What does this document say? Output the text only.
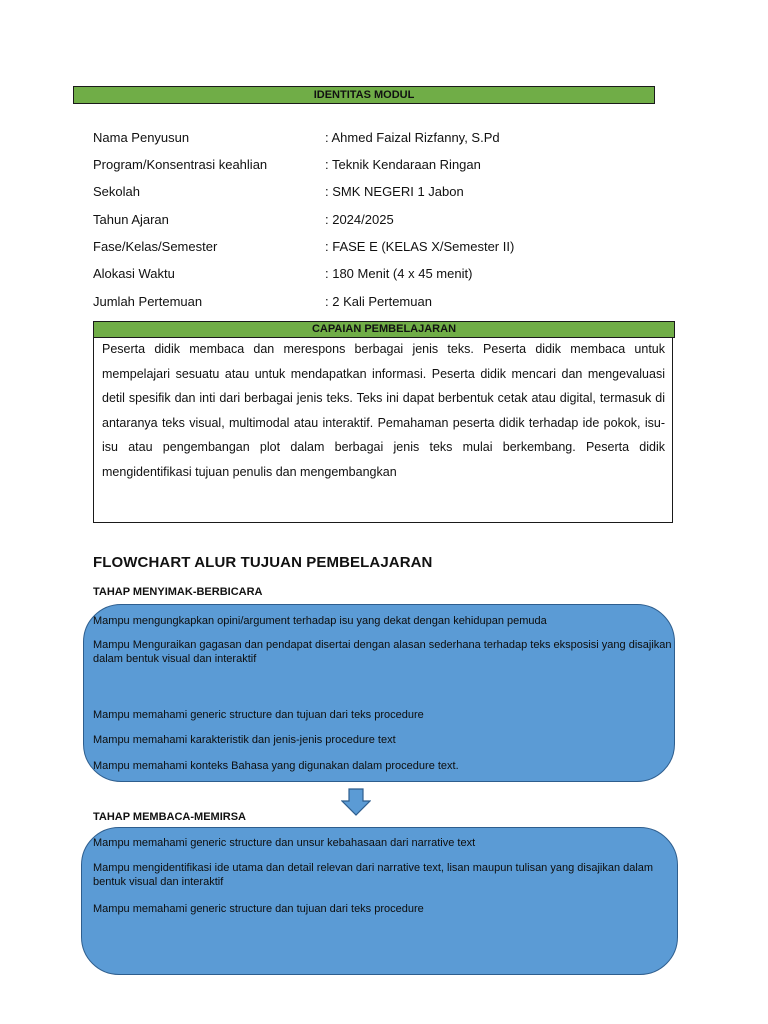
IDENTITAS MODUL
Nama Penyusun	: Ahmed Faizal Rizfanny, S.Pd
Program/Konsentrasi keahlian	: Teknik Kendaraan Ringan
Sekolah	: SMK NEGERI 1 Jabon
Tahun Ajaran	: 2024/2025
Fase/Kelas/Semester	: FASE E (KELAS X/Semester II)
Alokasi Waktu	: 180 Menit (4 x 45 menit)
Jumlah Pertemuan	: 2 Kali Pertemuan
CAPAIAN PEMBELAJARAN

Peserta didik membaca dan merespons berbagai jenis teks. Peserta didik membaca untuk mempelajari sesuatu atau untuk mendapatkan informasi. Peserta didik mencari dan mengevaluasi detil spesifik dan inti dari berbagai jenis teks. Teks ini dapat berbentuk cetak atau digital, termasuk di antaranya teks visual, multimodal atau interaktif. Pemahaman peserta didik terhadap ide pokok, isu-isu atau pengembangan plot dalam berbagai jenis teks mulai berkembang. Peserta didik mengidentifikasi tujuan penulis dan mengembangkan

FLOWCHART ALUR TUJUAN PEMBELAJARAN
TAHAP MENYIMAK-BERBICARA
Mampu mengungkapkan opini/argument terhadap isu yang dekat dengan kehidupan pemuda
Mampu Menguraikan gagasan dan pendapat disertai dengan alasan sederhana terhadap teks eksposisi yang disajikan dalam bentuk visual dan interaktif
Mampu memahami generic structure dan tujuan dari teks procedure
Mampu memahami karakteristik dan jenis-jenis procedure text
Mampu memahami konteks Bahasa yang digunakan dalam procedure text.
TAHAP MEMBACA-MEMIRSA
Mampu memahami generic structure dan unsur kebahasaan dari narrative text
Mampu mengidentifikasi ide utama dan detail relevan dari narrative text, lisan maupun tulisan yang disajikan dalam bentuk visual dan interaktif
Mampu memahami generic structure dan tujuan dari teks procedure
